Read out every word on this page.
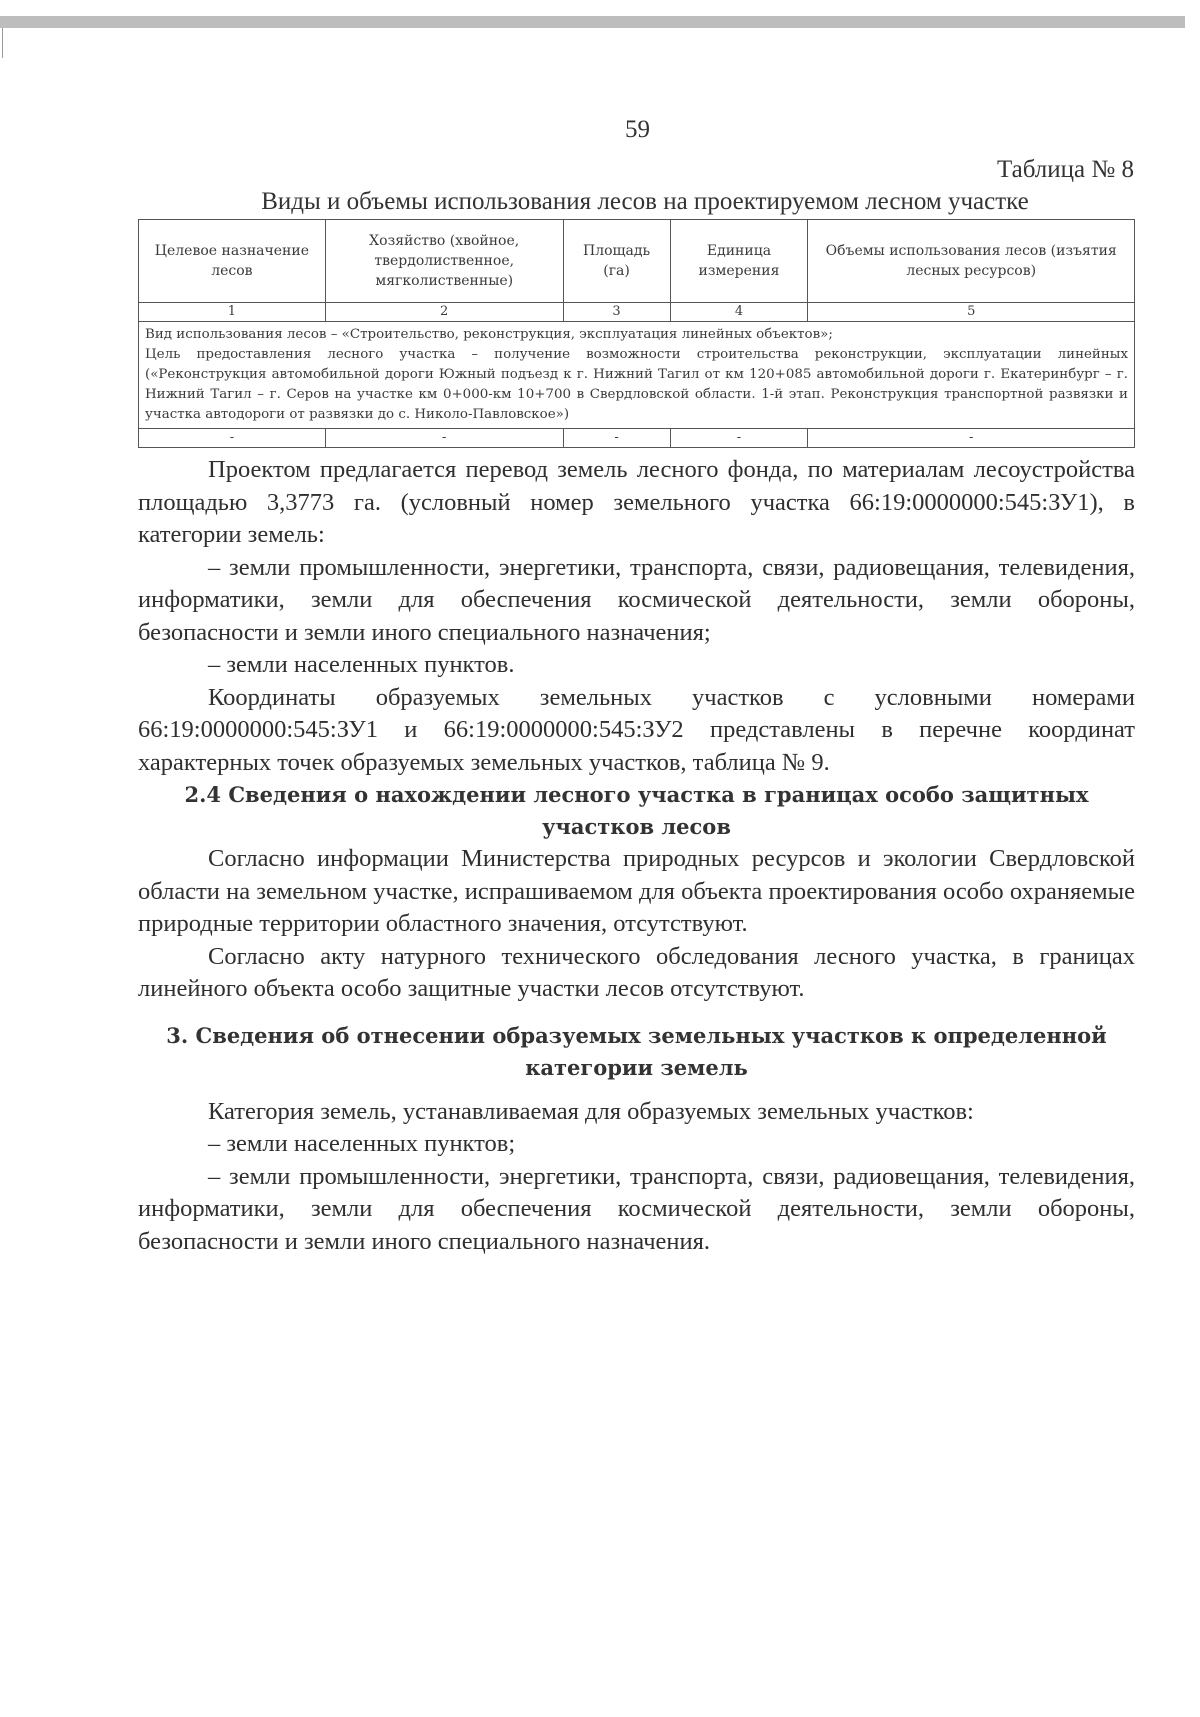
59
Таблица № 8
Виды и объемы использования лесов на проектируемом лесном участке
Целевое назначение лесов	Хозяйство (хвойное, твердолиственное, мягколиственные)	Площадь (га)	Единица измерения	Объемы использования лесов (изъятия лесных ресурсов)
1	2	3	4	5

Вид использования лесов – «Строительство, реконструкция, эксплуатация линейных объектов»;
Цель предоставления лесного участка – получение возможности строительства реконструкции, эксплуатации линейных («Реконструкция автомобильной дороги Южный подъезд к г. Нижний Тагил от км 120+085 автомобильной дороги г. Екатеринбург – г. Нижний Тагил – г. Серов на участке км 0+000-км 10+700 в Свердловской области. 1-й этап. Реконструкция транспортной развязки и участка автодороги от развязки до с. Николо-Павловское»)				

-	-	-	-	-

Проектом предлагается перевод земель лесного фонда, по материалам лесоустройства площадью 3,3773 га. (условный номер земельного участка 66:19:0000000:545:ЗУ1), в категории земель:

– земли промышленности, энергетики, транспорта, связи, радиовещания, телевидения, информатики, земли для обеспечения космической деятельности, земли обороны, безопасности и земли иного специального назначения;

– земли населенных пунктов.

Координаты образуемых земельных участков с условными номерами 66:19:0000000:545:ЗУ1 и 66:19:0000000:545:ЗУ2 представлены в перечне координат характерных точек образуемых земельных участков, таблица № 9.

2.4 Сведения о нахождении лесного участка в границах особо защитных участков лесов

Согласно информации Министерства природных ресурсов и экологии Свердловской области на земельном участке, испрашиваемом для объекта проектирования особо охраняемые природные территории областного значения, отсутствуют.

Согласно акту натурного технического обследования лесного участка, в границах линейного объекта особо защитные участки лесов отсутствуют.

3. Сведения об отнесении образуемых земельных участков к определенной категории земель

Категория земель, устанавливаемая для образуемых земельных участков:

– земли населенных пунктов;

– земли промышленности, энергетики, транспорта, связи, радиовещания, телевидения, информатики, земли для обеспечения космической деятельности, земли обороны, безопасности и земли иного специального назначения.
